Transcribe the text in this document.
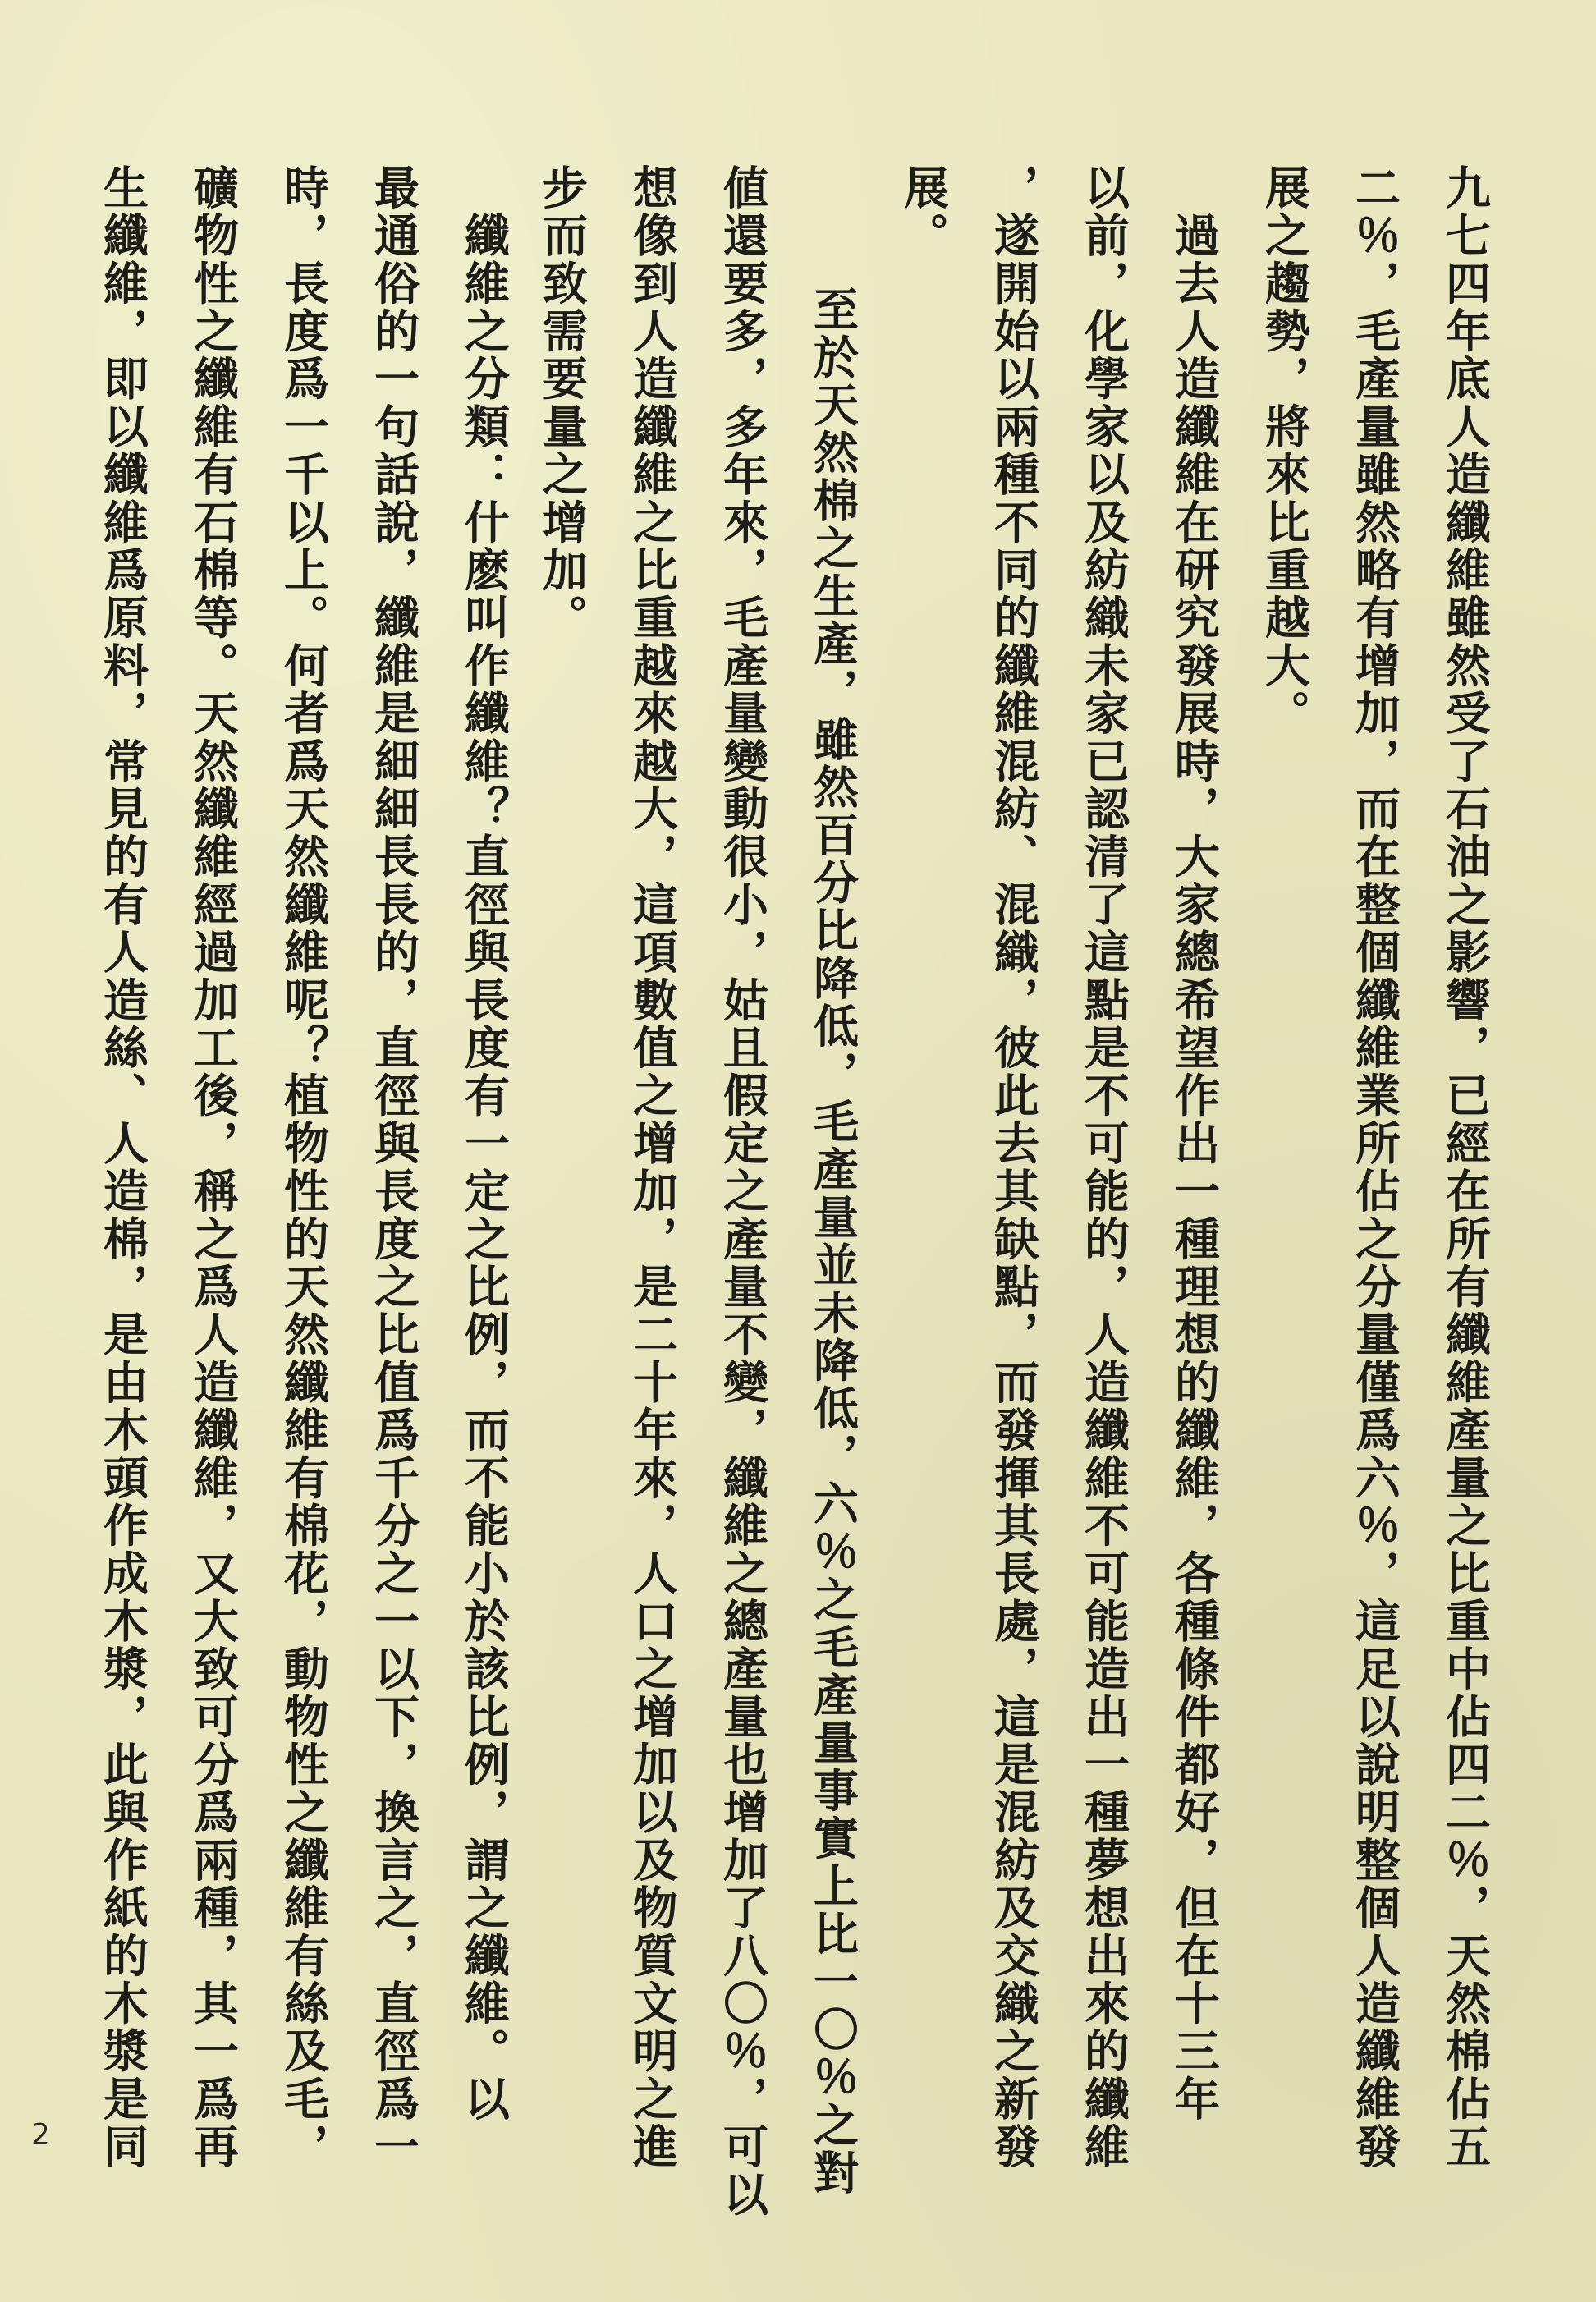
九七四年底人造纖維雖然受了石油之影響，已經在所有纖維產量之比重中佔四二％，天然棉佔五
二％，毛產量雖然略有增加，而在整個纖維業所佔之分量僅爲六％，這足以說明整個人造纖維發
展之趨勢，將來比重越大。
　過去人造纖維在研究發展時，大家總希望作出一種理想的纖維，各種條件都好，但在十三年
以前，化學家以及紡織未家已認清了這點是不可能的，人造纖維不可能造出一種夢想出來的纖維
，遂開始以兩種不同的纖維混紡、混織，彼此去其缺點，而發揮其長處，這是混紡及交織之新發
展。
　至於天然棉之生產，雖然百分比降低，毛產量並未降低，六％之毛產量事實上比一〇％之對
値還要多，多年來，毛產量變動很小，姑且假定之產量不變，纖維之總產量也增加了八〇％，可以
想像到人造纖維之比重越來越大，這項數值之增加，是二十年來，人口之增加以及物質文明之進
步而致需要量之增加。
　纖維之分類：什麽叫作纖維？直徑與長度有一定之比例，而不能小於該比例，謂之纖維。以
最通俗的一句話說，纖維是細細長長的，直徑與長度之比值爲千分之一以下，換言之，直徑爲一
時，長度爲一千以上。何者爲天然纖維呢？植物性的天然纖維有棉花，動物性之纖維有絲及毛，
礦物性之纖維有石棉等。天然纖維經過加工後，稱之爲人造纖維，又大致可分爲兩種，其一爲再
生纖維，即以纖維爲原料，常見的有人造絲、人造棉，是由木頭作成木漿，此與作紙的木漿是同
2
